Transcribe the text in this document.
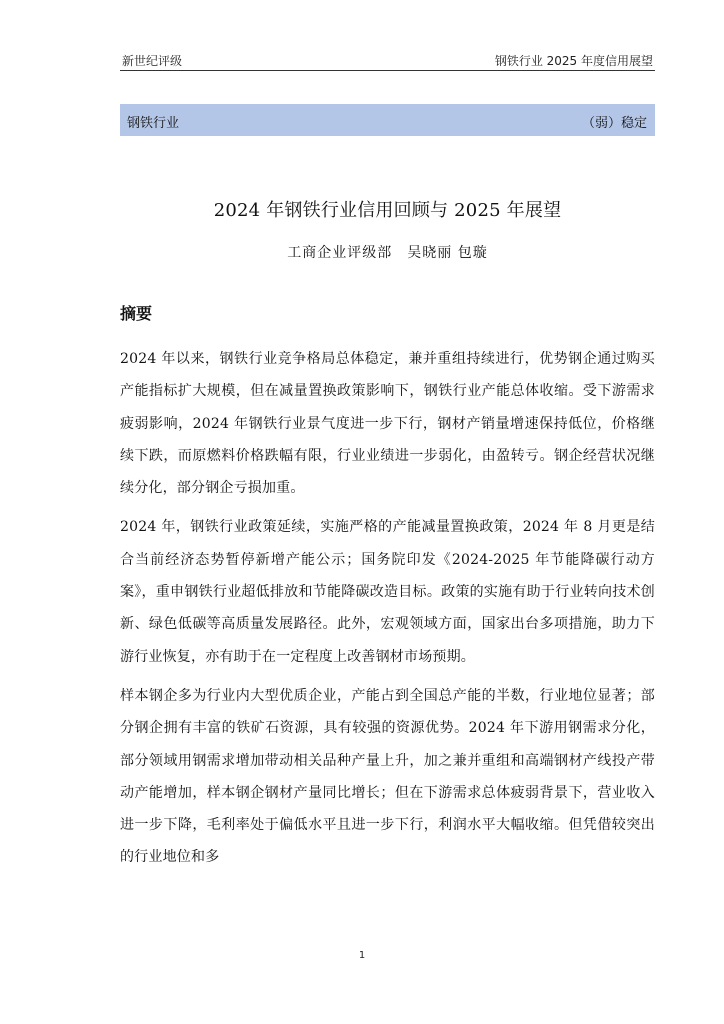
新世纪评级	钢铁行业 2025 年度信用展望
钢铁行业	（弱）稳定
2024 年钢铁行业信用回顾与 2025 年展望
工商企业评级部　吴晓丽 包璇
摘要

2024 年以来，钢铁行业竞争格局总体稳定，兼并重组持续进行，优势钢企通过购买产能指标扩大规模，但在减量置换政策影响下，钢铁行业产能总体收缩。受下游需求疲弱影响，2024 年钢铁行业景气度进一步下行，钢材产销量增速保持低位，价格继续下跌，而原燃料价格跌幅有限，行业业绩进一步弱化，由盈转亏。钢企经营状况继续分化，部分钢企亏损加重。

2024 年，钢铁行业政策延续，实施严格的产能减量置换政策，2024 年 8 月更是结合当前经济态势暂停新增产能公示；国务院印发《2024-2025 年节能降碳行动方案》，重申钢铁行业超低排放和节能降碳改造目标。政策的实施有助于行业转向技术创新、绿色低碳等高质量发展路径。此外，宏观领域方面，国家出台多项措施，助力下游行业恢复，亦有助于在一定程度上改善钢材市场预期。

样本钢企多为行业内大型优质企业，产能占到全国总产能的半数，行业地位显著；部分钢企拥有丰富的铁矿石资源，具有较强的资源优势。2024 年下游用钢需求分化，部分领域用钢需求增加带动相关品种产量上升，加之兼并重组和高端钢材产线投产带动产能增加，样本钢企钢材产量同比增长；但在下游需求总体疲弱背景下，营业收入进一步下降，毛利率处于偏低水平且进一步下行，利润水平大幅收缩。但凭借较突出的行业地位和多

1
